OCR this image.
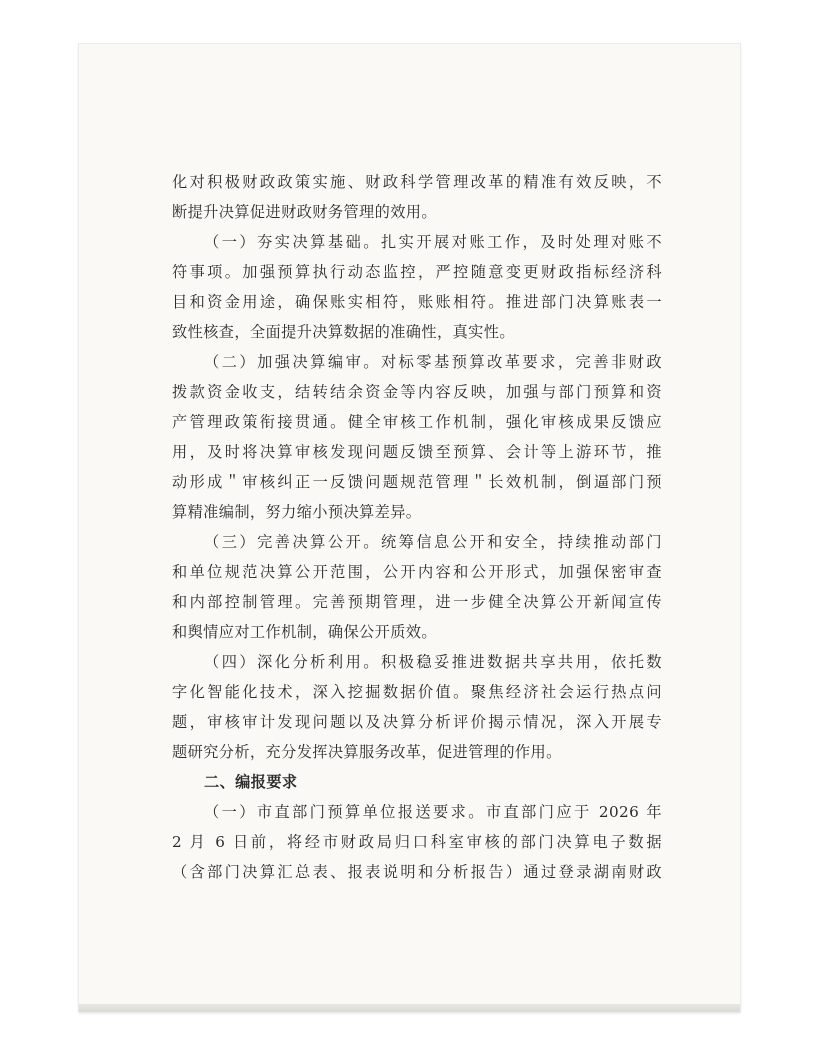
化对积极财政政策实施、财政科学管理改革的精准有效反映，不
断提升决算促进财政财务管理的效用。
（一）夯实决算基础。扎实开展对账工作，及时处理对账不
符事项。加强预算执行动态监控，严控随意变更财政指标经济科
目和资金用途，确保账实相符，账账相符。推进部门决算账表一
致性核查，全面提升决算数据的准确性，真实性。
（二）加强决算编审。对标零基预算改革要求，完善非财政
拨款资金收支，结转结余资金等内容反映，加强与部门预算和资
产管理政策衔接贯通。健全审核工作机制，强化审核成果反馈应
用，及时将决算审核发现问题反馈至预算、会计等上游环节，推
动形成＂审核纠正一反馈问题规范管理＂长效机制，倒逼部门预
算精准编制，努力缩小预决算差异。
（三）完善决算公开。统筹信息公开和安全，持续推动部门
和单位规范决算公开范围，公开内容和公开形式，加强保密审查
和内部控制管理。完善预期管理，进一步健全决算公开新闻宣传
和舆情应对工作机制，确保公开质效。
（四）深化分析利用。积极稳妥推进数据共享共用，依托数
字化智能化技术，深入挖掘数据价值。聚焦经济社会运行热点问
题，审核审计发现问题以及决算分析评价揭示情况，深入开展专
题研究分析，充分发挥决算服务改革，促进管理的作用。
二、编报要求
（一）市直部门预算单位报送要求。市直部门应于 2026 年
2 月 6 日前，将经市财政局归口科室审核的部门决算电子数据
（含部门决算汇总表、报表说明和分析报告）通过登录湖南财政
